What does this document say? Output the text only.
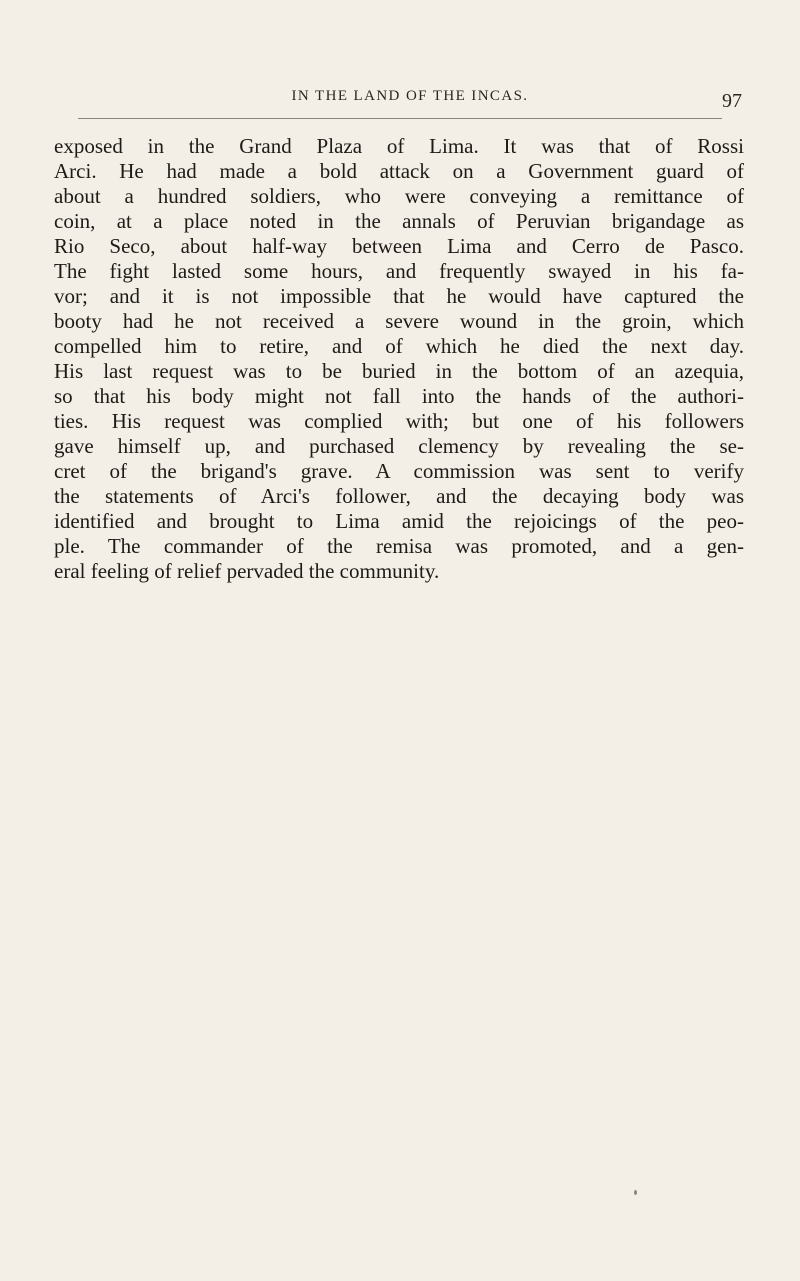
IN THE LAND OF THE INCAS.	97
exposed in the Grand Plaza of Lima. It was that of Rossi
Arci. He had made a bold attack on a Government guard of
about a hundred soldiers, who were conveying a remittance of
coin, at a place noted in the annals of Peruvian brigandage as
Rio Seco, about half-way between Lima and Cerro de Pasco.
The fight lasted some hours, and frequently swayed in his fa-
vor; and it is not impossible that he would have captured the
booty had he not received a severe wound in the groin, which
compelled him to retire, and of which he died the next day.
His last request was to be buried in the bottom of an azequia,
so that his body might not fall into the hands of the authori-
ties. His request was complied with; but one of his followers
gave himself up, and purchased clemency by revealing the se-
cret of the brigand's grave. A commission was sent to verify
the statements of Arci's follower, and the decaying body was
identified and brought to Lima amid the rejoicings of the peo-
ple. The commander of the remisa was promoted, and a gen-
eral feeling of relief pervaded the community.
